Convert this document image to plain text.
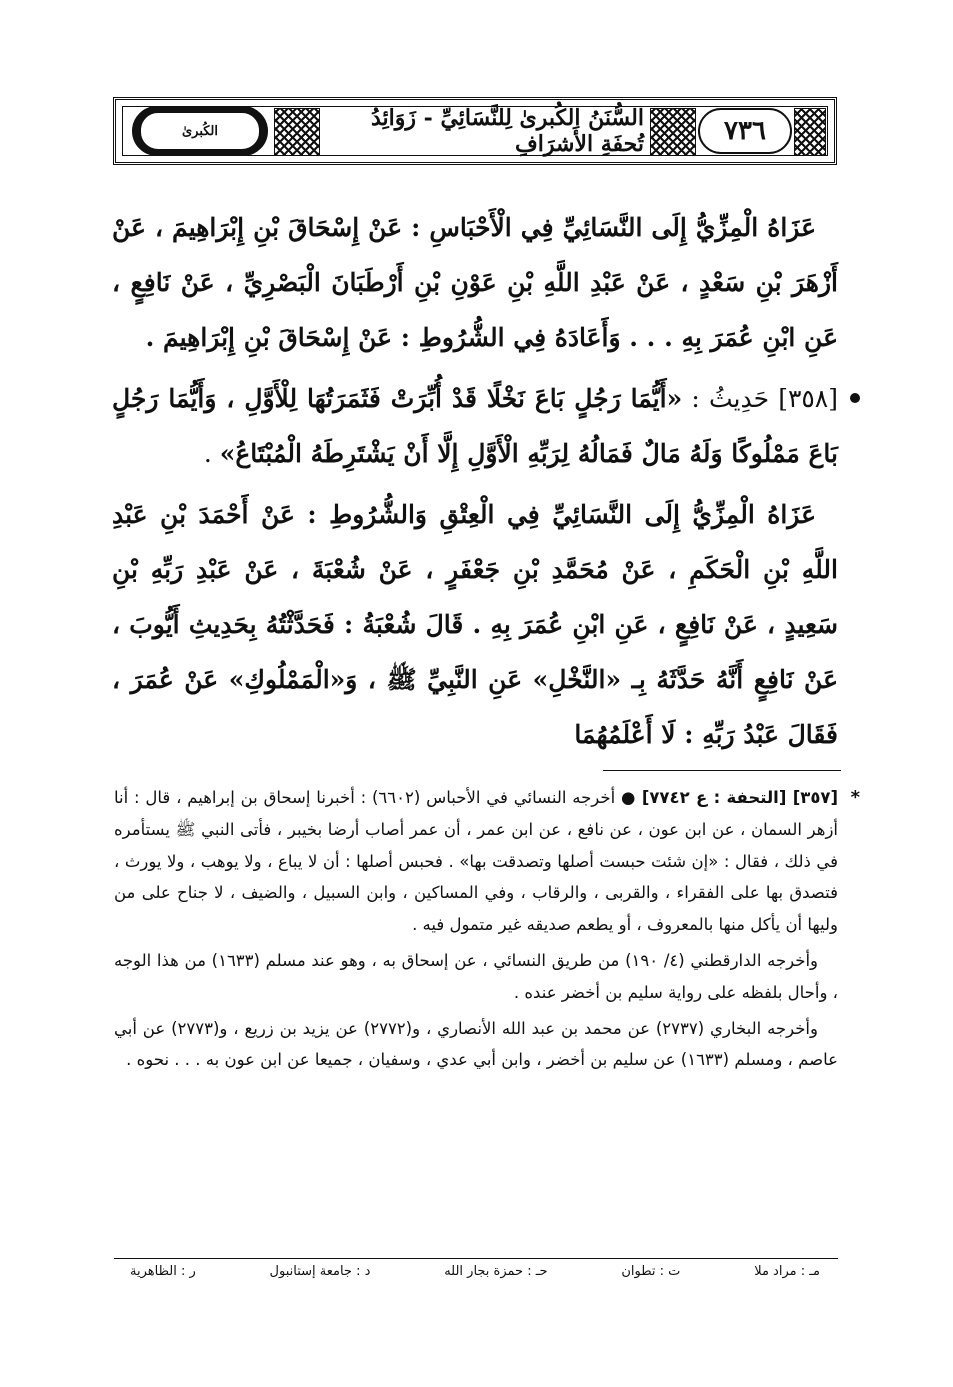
الكُبرىٰ	السُّنَنُ الكُبرىٰ لِلنَّسَائِيِّ - زَوَائِدُ تُحفَةِ الأَشرَافِ	٧٣٦

عَزَاهُ الْمِزِّيُّ إِلَى النَّسَائِيِّ فِي الْأَحْبَاسِ : عَنْ إِسْحَاقَ بْنِ إِبْرَاهِيمَ ، عَنْ أَزْهَرَ بْنِ سَعْدٍ ، عَنْ عَبْدِ اللَّهِ بْنِ عَوْنِ بْنِ أَرْطَبَانَ الْبَصْرِيِّ ، عَنْ نَافِعٍ ، عَنِ ابْنِ عُمَرَ بِهِ . . . وَأَعَادَهُ فِي الشُّرُوطِ : عَنْ إِسْحَاقَ بْنِ إِبْرَاهِيمَ .

[٣٥٨] حَدِيثُ : «أَيُّمَا رَجُلٍ بَاعَ نَخْلًا قَدْ أُبِّرَتْ فَثَمَرَتُهَا لِلْأَوَّلِ ، وَأَيُّمَا رَجُلٍ بَاعَ مَمْلُوكًا وَلَهُ مَالٌ فَمَالُهُ لِرَبِّهِ الْأَوَّلِ إِلَّا أَنْ يَشْتَرِطَهُ الْمُبْتَاعُ» .

عَزَاهُ الْمِزِّيُّ إِلَى النَّسَائِيِّ فِي الْعِتْقِ وَالشُّرُوطِ : عَنْ أَحْمَدَ بْنِ عَبْدِ اللَّهِ بْنِ الْحَكَمِ ، عَنْ مُحَمَّدِ بْنِ جَعْفَرٍ ، عَنْ شُعْبَةَ ، عَنْ عَبْدِ رَبِّهِ بْنِ سَعِيدٍ ، عَنْ نَافِعٍ ، عَنِ ابْنِ عُمَرَ بِهِ . قَالَ شُعْبَةُ : فَحَدَّثْتُهُ بِحَدِيثِ أَيُّوبَ ، عَنْ نَافِعٍ أَنَّهُ حَدَّثَهُ بِـ «النَّخْلِ» عَنِ النَّبِيِّ ﷺ ، وَ«الْمَمْلُوكِ» عَنْ عُمَرَ ، فَقَالَ عَبْدُ رَبِّهِ : لَا أَعْلَمُهُمَا

*
[٣٥٧] [التحفة : ع ٧٧٤٢] ● أخرجه النسائي في الأحباس (٦٦٠٢) : أخبرنا إسحاق بن إبراهيم ، قال : أنا أزهر السمان ، عن ابن عون ، عن نافع ، عن ابن عمر ، أن عمر أصاب أرضا بخيبر ، فأتى النبي ﷺ يستأمره في ذلك ، فقال : «إن شئت حبست أصلها وتصدقت بها» . فحبس أصلها : أن لا يباع ، ولا يوهب ، ولا يورث ، فتصدق بها على الفقراء ، والقربى ، والرقاب ، وفي المساكين ، وابن السبيل ، والضيف ، لا جناح على من وليها أن يأكل منها بالمعروف ، أو يطعم صديقه غير متمول فيه .

وأخرجه الدارقطني (٤/ ١٩٠) من طريق النسائي ، عن إسحاق به ، وهو عند مسلم (١٦٣٣) من هذا الوجه ، وأحال بلفظه على رواية سليم بن أخضر عنده .

وأخرجه البخاري (٢٧٣٧) عن محمد بن عبد الله الأنصاري ، و(٢٧٧٢) عن يزيد بن زريع ، و(٢٧٧٣) عن أبي عاصم ، ومسلم (١٦٣٣) عن سليم بن أخضر ، وابن أبي عدي ، وسفيان ، جميعا عن ابن عون به . . . نحوه .

مـ : مراد ملا
ت : تطوان
حـ : حمزة بجار الله
د : جامعة إستانبول
ر : الظاهرية
